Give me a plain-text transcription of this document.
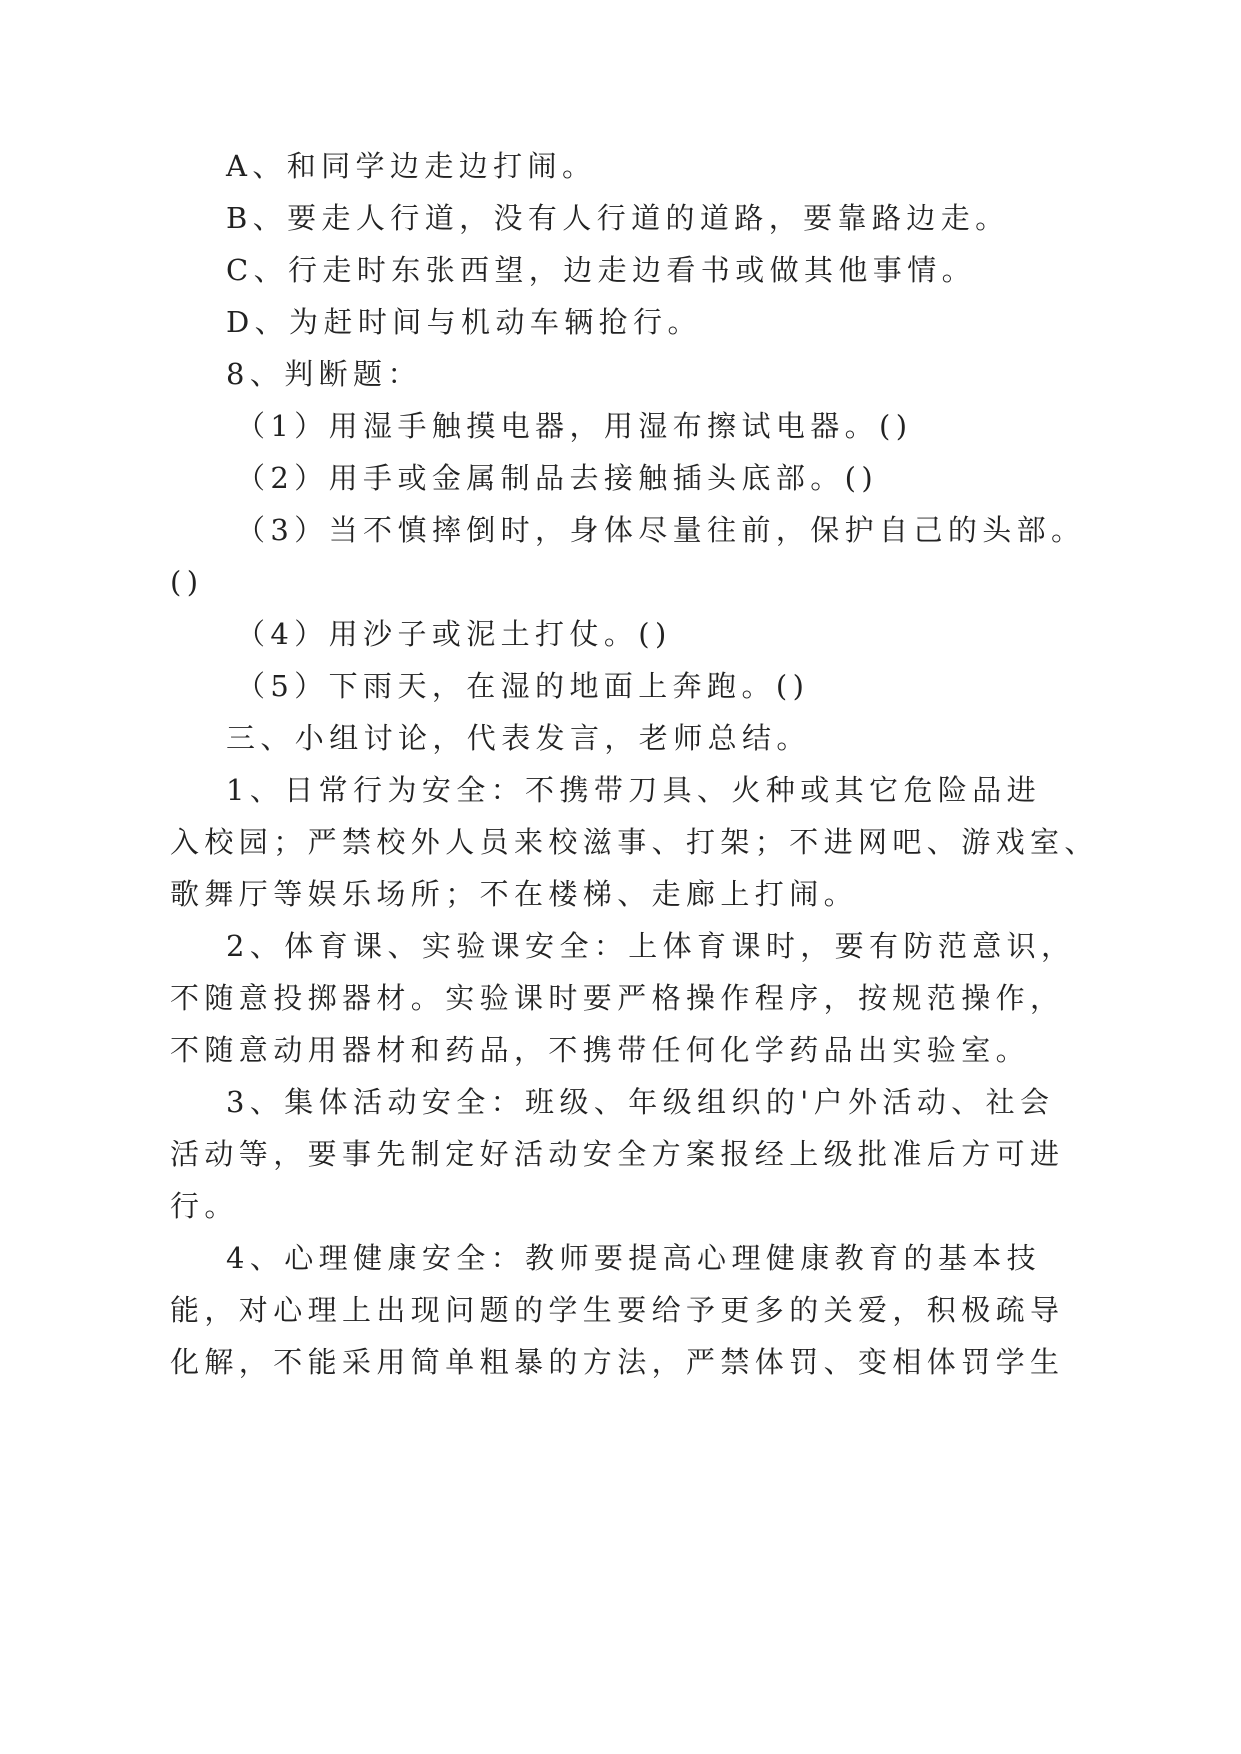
A、和同学边走边打闹。

B、要走人行道，没有人行道的道路，要靠路边走。

C、行走时东张西望，边走边看书或做其他事情。

D、为赶时间与机动车辆抢行。

8、判断题：

（1）用湿手触摸电器，用湿布擦试电器。()

（2）用手或金属制品去接触插头底部。()

（3）当不慎摔倒时，身体尽量往前，保护自己的头部。

()

（4）用沙子或泥土打仗。()

（5）下雨天，在湿的地面上奔跑。()

三、小组讨论，代表发言，老师总结。

1、日常行为安全：不携带刀具、火种或其它危险品进

入校园；严禁校外人员来校滋事、打架；不进网吧、游戏室、

歌舞厅等娱乐场所；不在楼梯、走廊上打闹。

2、体育课、实验课安全：上体育课时，要有防范意识，

不随意投掷器材。实验课时要严格操作程序，按规范操作，

不随意动用器材和药品，不携带任何化学药品出实验室。

3、集体活动安全：班级、年级组织的'户外活动、社会

活动等，要事先制定好活动安全方案报经上级批准后方可进

行。

4、心理健康安全：教师要提高心理健康教育的基本技

能，对心理上出现问题的学生要给予更多的关爱，积极疏导

化解，不能采用简单粗暴的方法，严禁体罚、变相体罚学生
